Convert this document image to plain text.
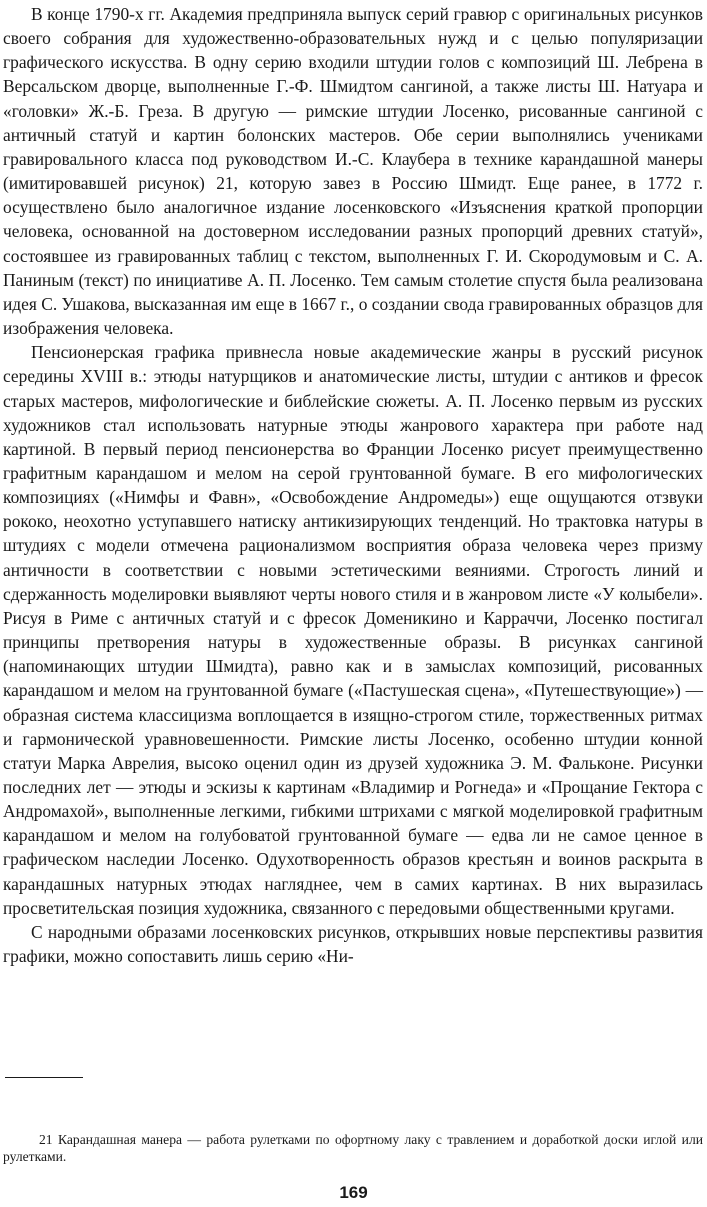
В конце 1790-х гг. Академия предприняла выпуск серий гравюр с оригинальных рисунков своего собрания для художественно-образовательных нужд и с целью популяризации графического искусства. В одну серию входили штудии голов с композиций Ш. Лебрена в Версальском дворце, выполненные Г.-Ф. Шмидтом сангиной, а также листы Ш. Натуара и «головки» Ж.-Б. Греза. В другую — римские штудии Лосенко, рисованные сангиной с античный статуй и картин болонских мастеров. Обе серии выполнялись учениками гравировального класса под руководством И.-С. Клаубера в технике карандашной манеры (имитировавшей рисунок) 21, которую завез в Россию Шмидт. Еще ранее, в 1772 г. осуществлено было аналогичное издание лосенковского «Изъяснения краткой пропорции человека, основанной на достоверном исследовании разных пропорций древних статуй», состоявшее из гравированных таблиц с текстом, выполненных Г. И. Скородумовым и С. А. Паниным (текст) по инициативе А. П. Лосенко. Тем самым столетие спустя была реализована идея С. Ушакова, высказанная им еще в 1667 г., о создании свода гравированных образцов для изображения человека.

Пенсионерская графика привнесла новые академические жанры в русский рисунок середины XVIII в.: этюды натурщиков и анатомические листы, штудии с антиков и фресок старых мастеров, мифологические и библейские сюжеты. А. П. Лосенко первым из русских художников стал использовать натурные этюды жанрового характера при работе над картиной. В первый период пенсионерства во Франции Лосенко рисует преимущественно графитным карандашом и мелом на серой грунтованной бумаге. В его мифологических композициях («Нимфы и Фавн», «Освобождение Андромеды») еще ощущаются отзвуки рококо, неохотно уступавшего натиску антикизирующих тенденций. Но трактовка натуры в штудиях с модели отмечена рационализмом восприятия образа человека через призму античности в соответствии с новыми эстетическими веяниями. Строгость линий и сдержанность моделировки выявляют черты нового стиля и в жанровом листе «У колыбели». Рисуя в Риме с античных статуй и с фресок Доменикино и Карраччи, Лосенко постигал принципы претворения натуры в художественные образы. В рисунках сангиной (напоминающих штудии Шмидта), равно как и в замыслах композиций, рисованных карандашом и мелом на грунтованной бумаге («Пастушеская сцена», «Путешествующие») — образная система классицизма воплощается в изящно-строгом стиле, торжественных ритмах и гармонической уравновешенности. Римские листы Лосенко, особенно штудии конной статуи Марка Аврелия, высоко оценил один из друзей художника Э. М. Фальконе. Рисунки последних лет — этюды и эскизы к картинам «Владимир и Рогнеда» и «Прощание Гектора с Андромахой», выполненные легкими, гибкими штрихами с мягкой моделировкой графитным карандашом и мелом на голубоватой грунтованной бумаге — едва ли не самое ценное в графическом наследии Лосенко. Одухотворенность образов крестьян и воинов раскрыта в карандашных натурных этюдах нагляднее, чем в самих картинах. В них выразилась просветительская позиция художника, связанного с передовыми общественными кругами.

С народными образами лосенковских рисунков, открывших новые перспективы развития графики, можно сопоставить лишь серию «Ни-

21 Карандашная манера — работа рулетками по офортному лаку с травлением и доработкой доски иглой или рулетками.

169
